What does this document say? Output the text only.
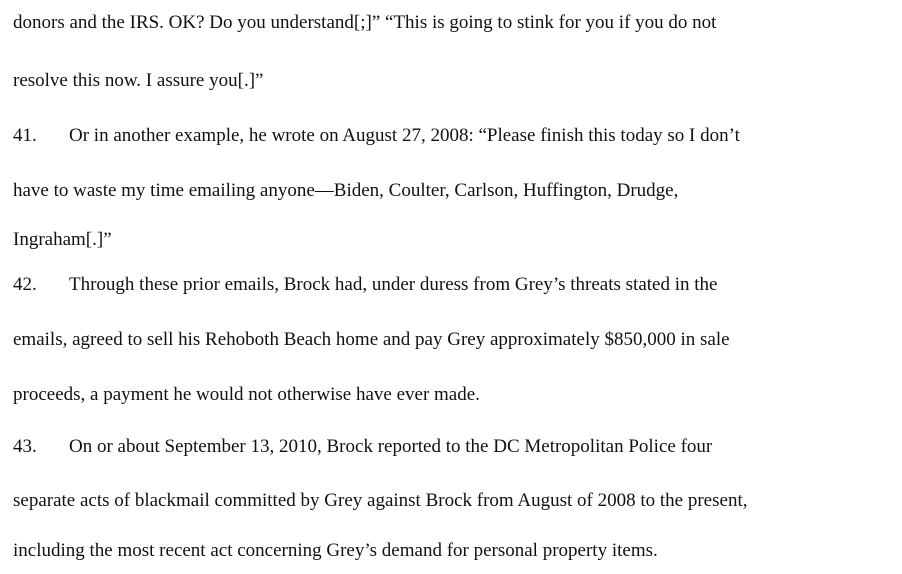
donors and the IRS. OK? Do you understand[;]” “This is going to stink for you if you do not
resolve this now. I assure you[.]”
41. Or in another example, he wrote on August 27, 2008: “Please finish this today so I don’t
have to waste my time emailing anyone—Biden, Coulter, Carlson, Huffington, Drudge,
Ingraham[.]”
42. Through these prior emails, Brock had, under duress from Grey’s threats stated in the
emails, agreed to sell his Rehoboth Beach home and pay Grey approximately $850,000 in sale
proceeds, a payment he would not otherwise have ever made.
43. On or about September 13, 2010, Brock reported to the DC Metropolitan Police four
separate acts of blackmail committed by Grey against Brock from August of 2008 to the present,
including the most recent act concerning Grey’s demand for personal property items.
